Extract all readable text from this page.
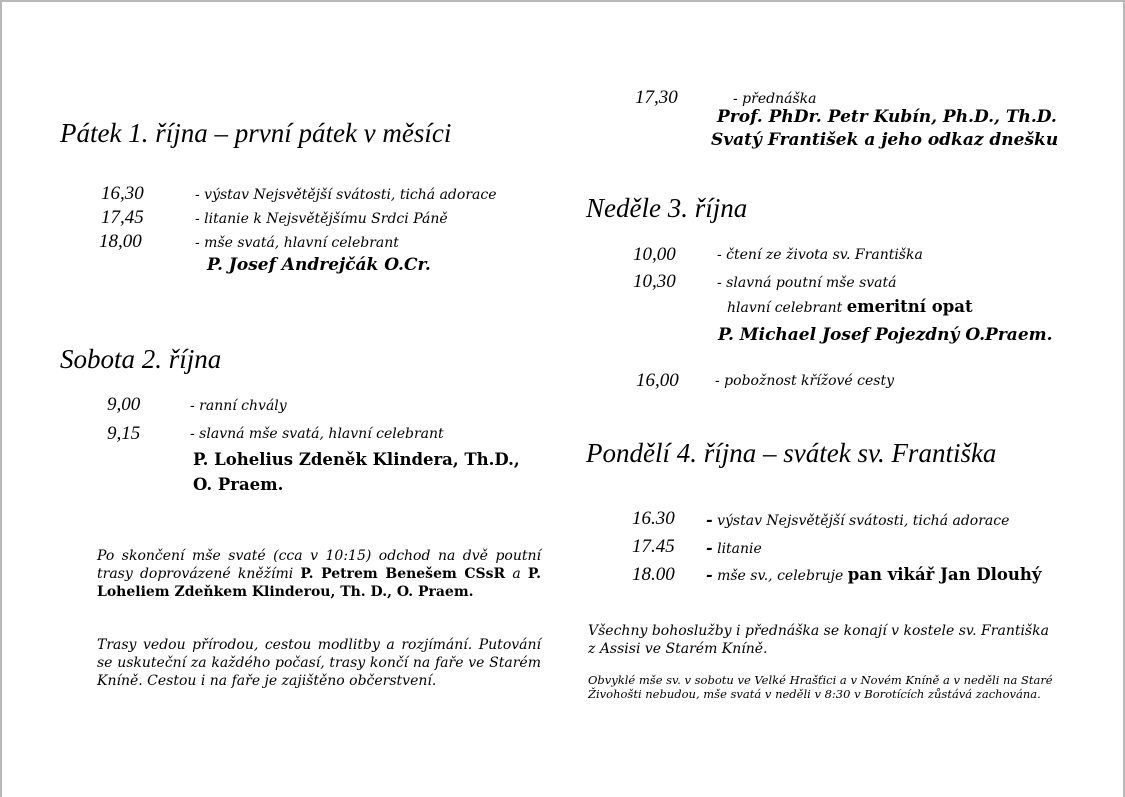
Pátek 1. října – první pátek v měsíci
16,30	- výstav Nejsvětější svátosti, tichá adorace
17,45	- litanie k Nejsvětějšímu Srdci Páně
18,00	- mše svatá, hlavní celebrant
P. Josef Andrejčák O.Cr.
Sobota 2. října
9,00	- ranní chvály
9,15	- slavná mše svatá, hlavní celebrant
P. Lohelius Zdeněk Klindera, Th.D.,
O. Praem.
Po skončení mše svaté (cca v 10:15) odchod na dvě poutní trasy doprovázené kněžími P. Petrem Benešem CSsR a P. Loheliem Zdeňkem Klinderou, Th. D., O. Praem.
Trasy vedou přírodou, cestou modlitby a rozjímání. Putování se uskuteční za každého počasí, trasy končí na faře ve Starém Kníně. Cestou i na faře je zajištěno občerstvení.
17,30	- přednáška
Prof. PhDr. Petr Kubín, Ph.D., Th.D.
Svatý František a jeho odkaz dnešku
Neděle 3. října
10,00	- čtení ze života sv. Františka
10,30	- slavná poutní mše svatá
hlavní celebrant emeritní opat
P. Michael Josef Pojezdný O.Praem.
16,00	- pobožnost křížové cesty
Pondělí 4. října – svátek sv. Františka
16.30 - výstav Nejsvětější svátosti, tichá adorace
17.45 - litanie
18.00 - mše sv., celebruje pan vikář Jan Dlouhý
Všechny bohoslužby i přednáška se konají v kostele sv. Františka z Assisi ve Starém Kníně.
Obvyklé mše sv. v sobotu ve Velké Hrašťici a v Novém Kníně a v neděli na Staré Živohošti nebudou, mše svatá v neděli v 8:30 v Borotících zůstává zachována.
